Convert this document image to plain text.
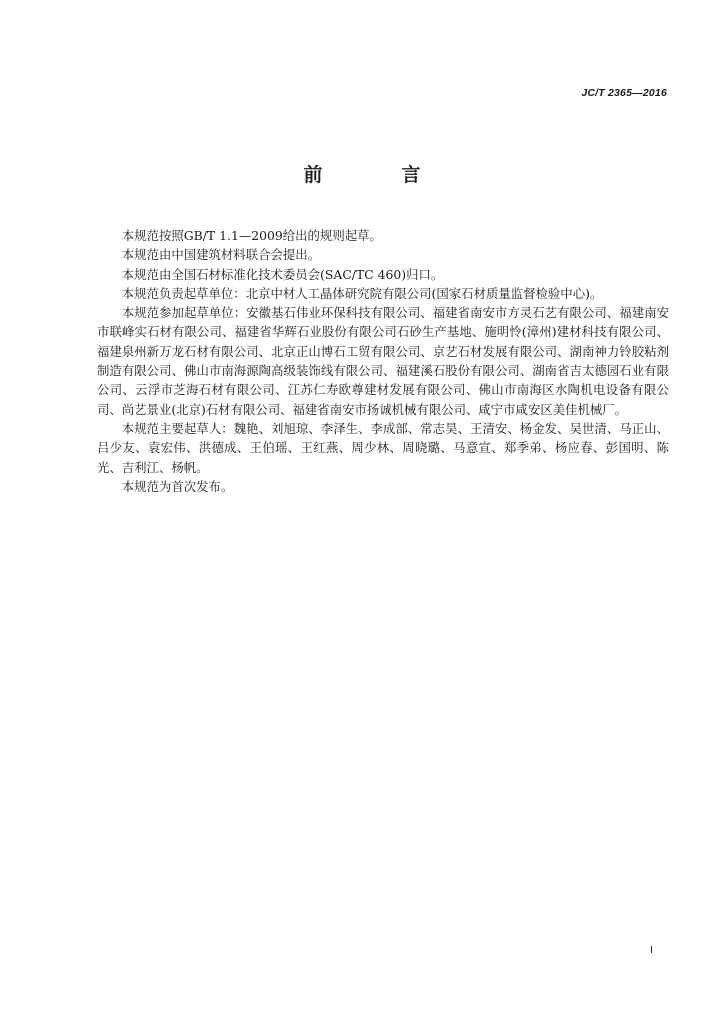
JC/T 2365—2016
前　言

本规范按照GB/T 1.1—2009给出的规则起草。

本规范由中国建筑材料联合会提出。

本规范由全国石材标准化技术委员会(SAC/TC 460)归口。

本规范负责起草单位：北京中材人工晶体研究院有限公司(国家石材质量监督检验中心)。

本规范参加起草单位：安徽基石伟业环保科技有限公司、福建省南安市方灵石艺有限公司、福建南安市联峰实石材有限公司、福建省华辉石业股份有限公司石砂生产基地、施明怜(漳州)建材科技有限公司、福建泉州新万龙石材有限公司、北京正山博石工贸有限公司、京艺石材发展有限公司、湖南神力铃胶粘剂制造有限公司、佛山市南海源陶高级装饰线有限公司、福建溪石股份有限公司、湖南省吉太德园石业有限公司、云浮市芝海石材有限公司、江苏仁寿欧尊建材发展有限公司、佛山市南海区水陶机电设备有限公司、尚艺景业(北京)石材有限公司、福建省南安市扬诚机械有限公司、咸宁市咸安区美佳机械厂。

本规范主要起草人：魏艳、刘旭琼、李泽生、李成部、常志昊、王清安、杨金发、吴世清、马正山、吕少友、袁宏伟、洪德成、王伯瑶、王红燕、周少林、周晓璐、马意宣、郑季弟、杨应春、彭国明、陈光、吉利江、杨帆。

本规范为首次发布。

I
